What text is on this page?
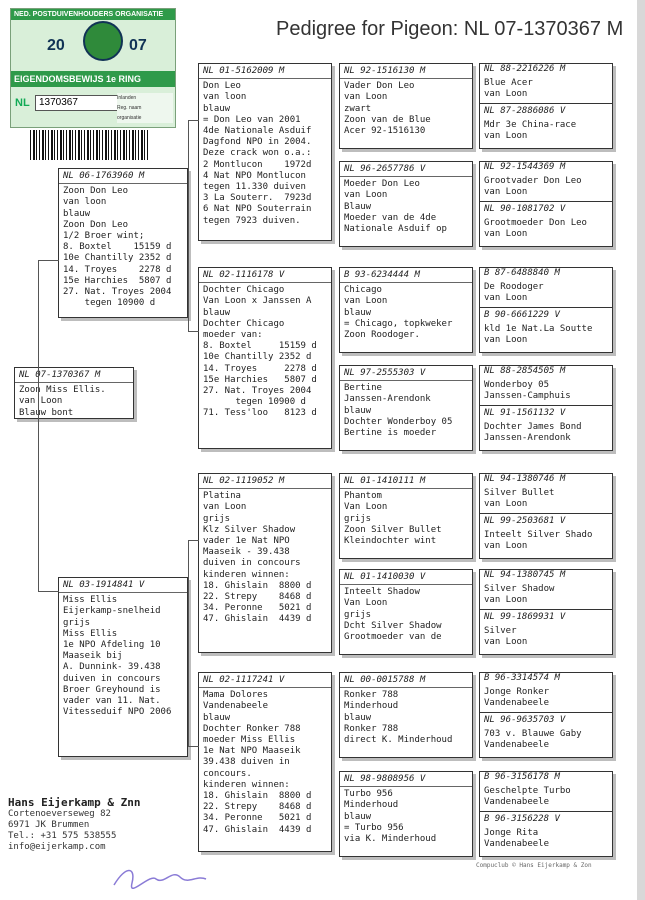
NED. POSTDUIVENHOUDERS ORGANISATIE
20	07
EIGENDOMSBEWIJS 1e RING
NL 1370367	Inlanden
Reg. naam
organisatie
Pedigree for Pigeon: NL 07-1370367 M
NL 07-1370367 M
Zoon Miss Ellis.
van Loon
Blauw bont
NL 06-1763960 M
Zoon Don Leo
van loon
blauw
Zoon Don Leo
1/2 Broer wint;
8. Boxtel    15159 d
10e Chantilly 2352 d
14. Troyes    2278 d
15e Harchies  5807 d
27. Nat. Troyes 2004
tegen 10900 d
NL 03-1914841 V
Miss Ellis
Eijerkamp-snelheid
grijs
Miss Ellis
1e NPO Afdeling 10
Maaseik bij
A. Dunnink- 39.438
duiven in concours
Broer Greyhound is
vader van 11. Nat.
Vitesseduif NPO 2006
NL 01-5162009 M
Don Leo
van loon
blauw
= Don Leo van 2001
4de Nationale Asduif
Dagfond NPO in 2004.
Deze crack won o.a.:
2 Montlucon    1972d
4 Nat NPO Montlucon
tegen 11.330 duiven
3 La Souterr.  7923d
6 Nat NPO Souterrain
tegen 7923 duiven.
NL 02-1116178 V
Dochter Chicago
Van Loon x Janssen A
blauw
Dochter Chicago
moeder van:
8. Boxtel     15159 d
10e Chantilly 2352 d
14. Troyes     2278 d
15e Harchies   5807 d
27. Nat. Troyes 2004
tegen 10900 d
71. Tess'loo   8123 d
NL 02-1119052 M
Platina
van Loon
grijs
Klz Silver Shadow
vader 1e Nat NPO
Maaseik - 39.438
duiven in concours
kinderen winnen:
18. Ghislain  8800 d
22. Strepy    8468 d
34. Peronne   5021 d
47. Ghislain  4439 d
NL 02-1117241 V
Mama Dolores
Vandenabeele
blauw
Dochter Ronker 788
moeder Miss Ellis
1e Nat NPO Maaseik
39.438 duiven in
concours.
kinderen winnen:
18. Ghislain  8800 d
22. Strepy    8468 d
34. Peronne   5021 d
47. Ghislain  4439 d
NL 92-1516130 M
Vader Don Leo
van Loon
zwart
Zoon van de Blue
Acer 92-1516130
NL 96-2657786 V
Moeder Don Leo
van Loon
Blauw
Moeder van de 4de
Nationale Asduif op
B 93-6234444 M
Chicago
van Loon
blauw
= Chicago, topkweker
Zoon Roodoger.
NL 97-2555303 V
Bertine
Janssen-Arendonk
blauw
Dochter Wonderboy 05
Bertine is moeder
NL 01-1410111 M
Phantom
Van Loon
grijs
Zoon Silver Bullet
Kleindochter wint
NL 01-1410030 V
Inteelt Shadow
Van Loon
grijs
Dcht Silver Shadow
Grootmoeder van de
NL 00-0015788 M
Ronker 788
Minderhoud
blauw
Ronker 788
direct K. Minderhoud
NL 98-9808956 V
Turbo 956
Minderhoud
blauw
= Turbo 956
via K. Minderhoud
NL 88-2216226 M
Blue Acer
van Loon
NL 87-2886086 V
Mdr 3e China-race
van Loon
NL 92-1544369 M
Grootvader Don Leo
van Loon
NL 90-1081702 V
Grootmoeder Don Leo
van Loon
B 87-6488840 M
De Roodoger
van Loon
B 90-6661229 V
kld 1e Nat.La Soutte
van Loon
NL 88-2854505 M
Wonderboy 05
Janssen-Camphuis
NL 91-1561132 V
Dochter James Bond
Janssen-Arendonk
NL 94-1380746 M
Silver Bullet
van Loon
NL 99-2503681 V
Inteelt Silver Shado
van Loon
NL 94-1380745 M
Silver Shadow
van Loon
NL 99-1869931 V
Silver
van Loon
B 96-3314574 M
Jonge Ronker
Vandenabeele
NL 96-9635703 V
703 v. Blauwe Gaby
Vandenabeele
B 96-3156178 M
Geschelpte Turbo
Vandenabeele
B 96-3156228 V
Jonge Rita
Vandenabeele
Hans Eijerkamp & Znn
Cortenoeverseweg 82
6971 JK Brummen
Tel.: +31 575 538555
info@eijerkamp.com
Compuclub © Hans Eijerkamp & Zon
